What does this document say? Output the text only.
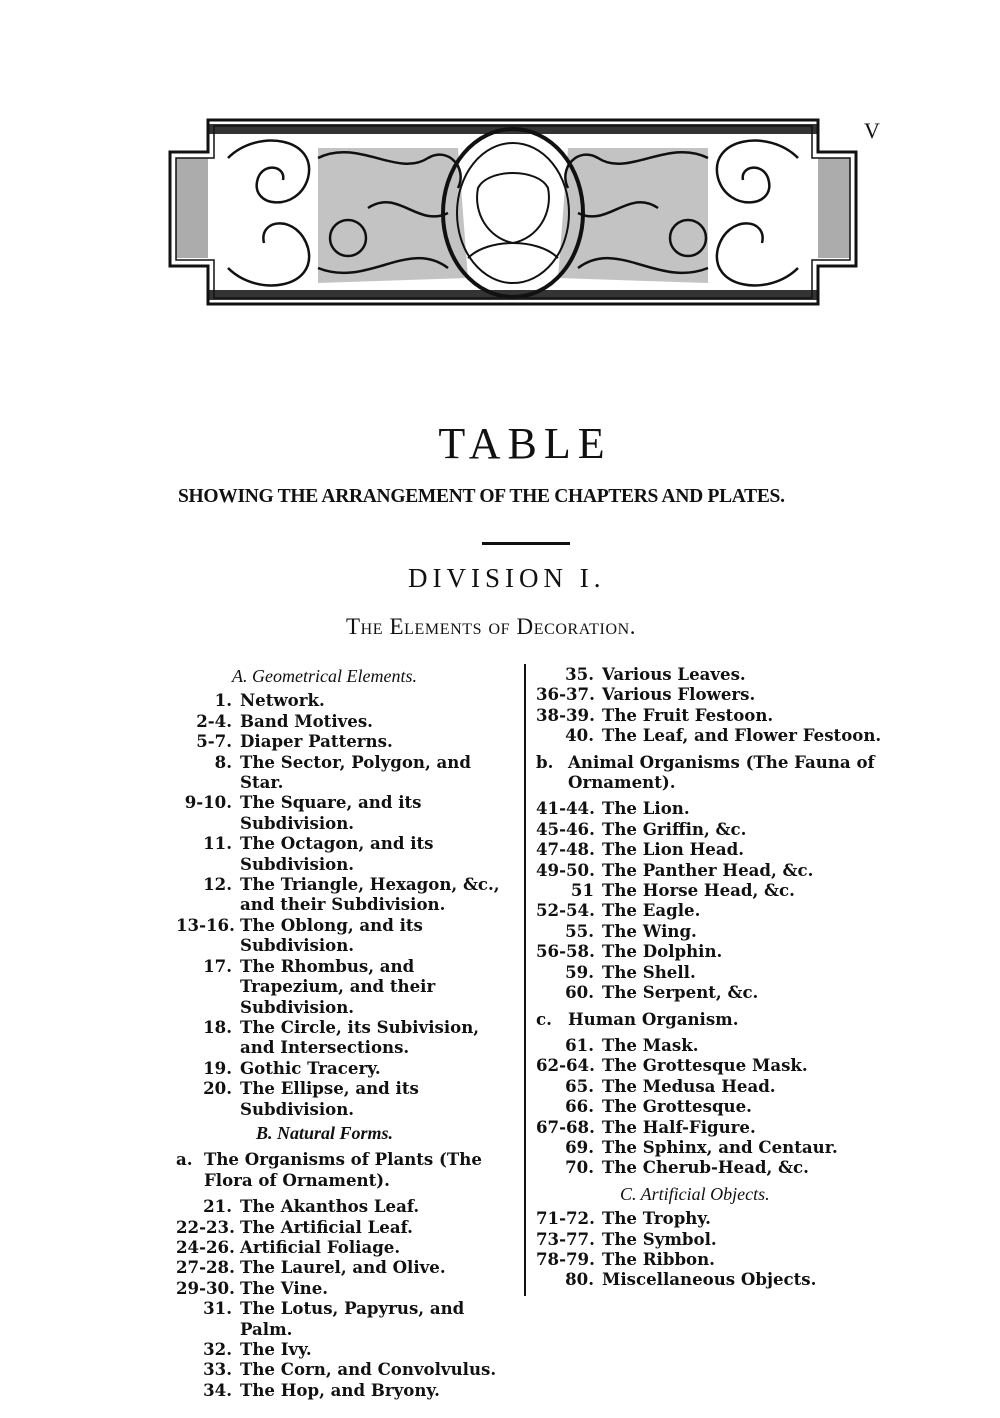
V
TABLE
SHOWING THE ARRANGEMENT OF THE CHAPTERS AND PLATES.
DIVISION I.
The Elements of Decoration.
A. Geometrical Elements.
1. Network.
2-4. Band Motives.
5-7. Diaper Patterns.
8. The Sector, Polygon, and Star.
9-10. The Square, and its Subdivision.
11. The Octagon, and its Subdivision.
12. The Triangle, Hexagon, &c., and their Subdivision.
13-16. The Oblong, and its Subdivision.
17. The Rhombus, and Trapezium, and their Subdivision.
18. The Circle, its Subivision, and Intersections.
19. Gothic Tracery.
20. The Ellipse, and its Subdivision.
B. Natural Forms.
a. The Organisms of Plants (The Flora of Ornament).
21. The Akanthos Leaf.
22-23. The Artificial Leaf.
24-26. Artificial Foliage.
27-28. The Laurel, and Olive.
29-30. The Vine.
31. The Lotus, Papyrus, and Palm.
32. The Ivy.
33. The Corn, and Convolvulus.
34. The Hop, and Bryony.
35. Various Leaves.
36-37. Various Flowers.
38-39. The Fruit Festoon.
40. The Leaf, and Flower Festoon.
b. Animal Organisms (The Fauna of Ornament).
41-44. The Lion.
45-46. The Griffin, &c.
47-48. The Lion Head.
49-50. The Panther Head, &c.
51 The Horse Head, &c.
52-54. The Eagle.
55. The Wing.
56-58. The Dolphin.
59. The Shell.
60. The Serpent, &c.
c. Human Organism.
61. The Mask.
62-64. The Grottesque Mask.
65. The Medusa Head.
66. The Grottesque.
67-68. The Half-Figure.
69. The Sphinx, and Centaur.
70. The Cherub-Head, &c.
C. Artificial Objects.
71-72. The Trophy.
73-77. The Symbol.
78-79. The Ribbon.
80. Miscellaneous Objects.
